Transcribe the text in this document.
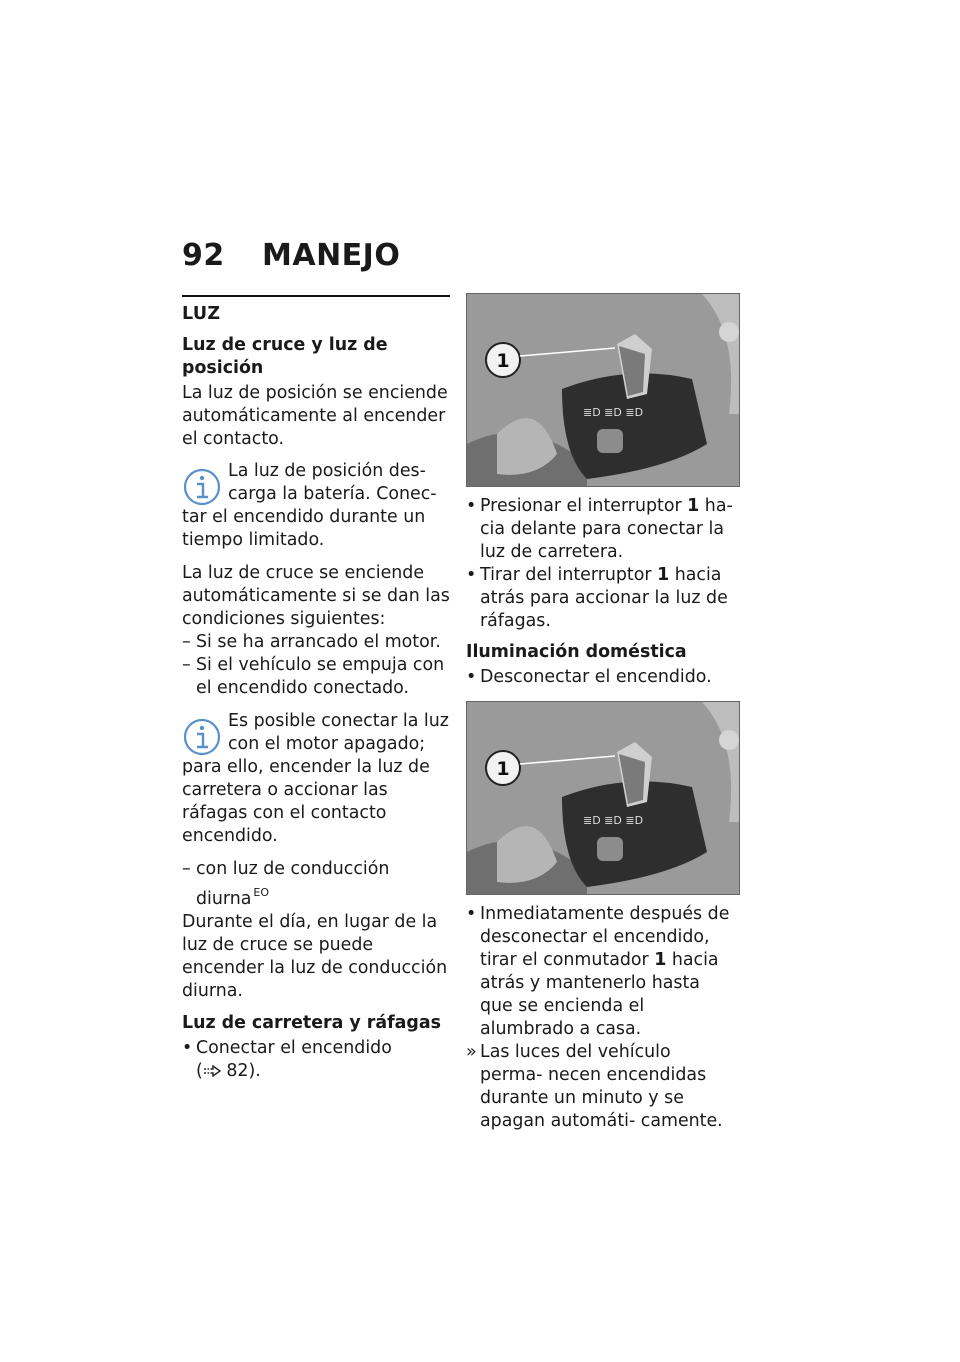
92	MANEJO
LUZ
Luz de cruce y luz de posición

La luz de posición se enciende automáticamente al encender el contacto.

La luz de posición des- carga la batería. Conec-
tar el encendido durante un tiempo limitado.

La luz de cruce se enciende automáticamente si se dan las condiciones siguientes:

– Si se ha arrancado el motor.
– Si el vehículo se empuja con el encendido conectado.
Es posible conectar la luz con el motor apagado;
para ello, encender la luz de carretera o accionar las ráfagas con el contacto encendido.
– con luz de conducción diurna $^{EO}$

Durante el día, en lugar de la luz de cruce se puede encender la luz de conducción diurna.

Luz de carretera y ráfagas
• Conectar el encendido
( 82).
≣D ≣D ≣D
1
• Presionar el interruptor 1 ha- cia delante para conectar la luz de carretera.
• Tirar del interruptor 1 hacia atrás para accionar la luz de ráfagas.
Iluminación doméstica
• Desconectar el encendido.
≣D ≣D ≣D
1
• Inmediatamente después de desconectar el encendido, tirar el conmutador 1 hacia atrás y mantenerlo hasta que se encienda el alumbrado a casa.
» Las luces del vehículo perma- necen encendidas durante un minuto y se apagan automáti- camente.
